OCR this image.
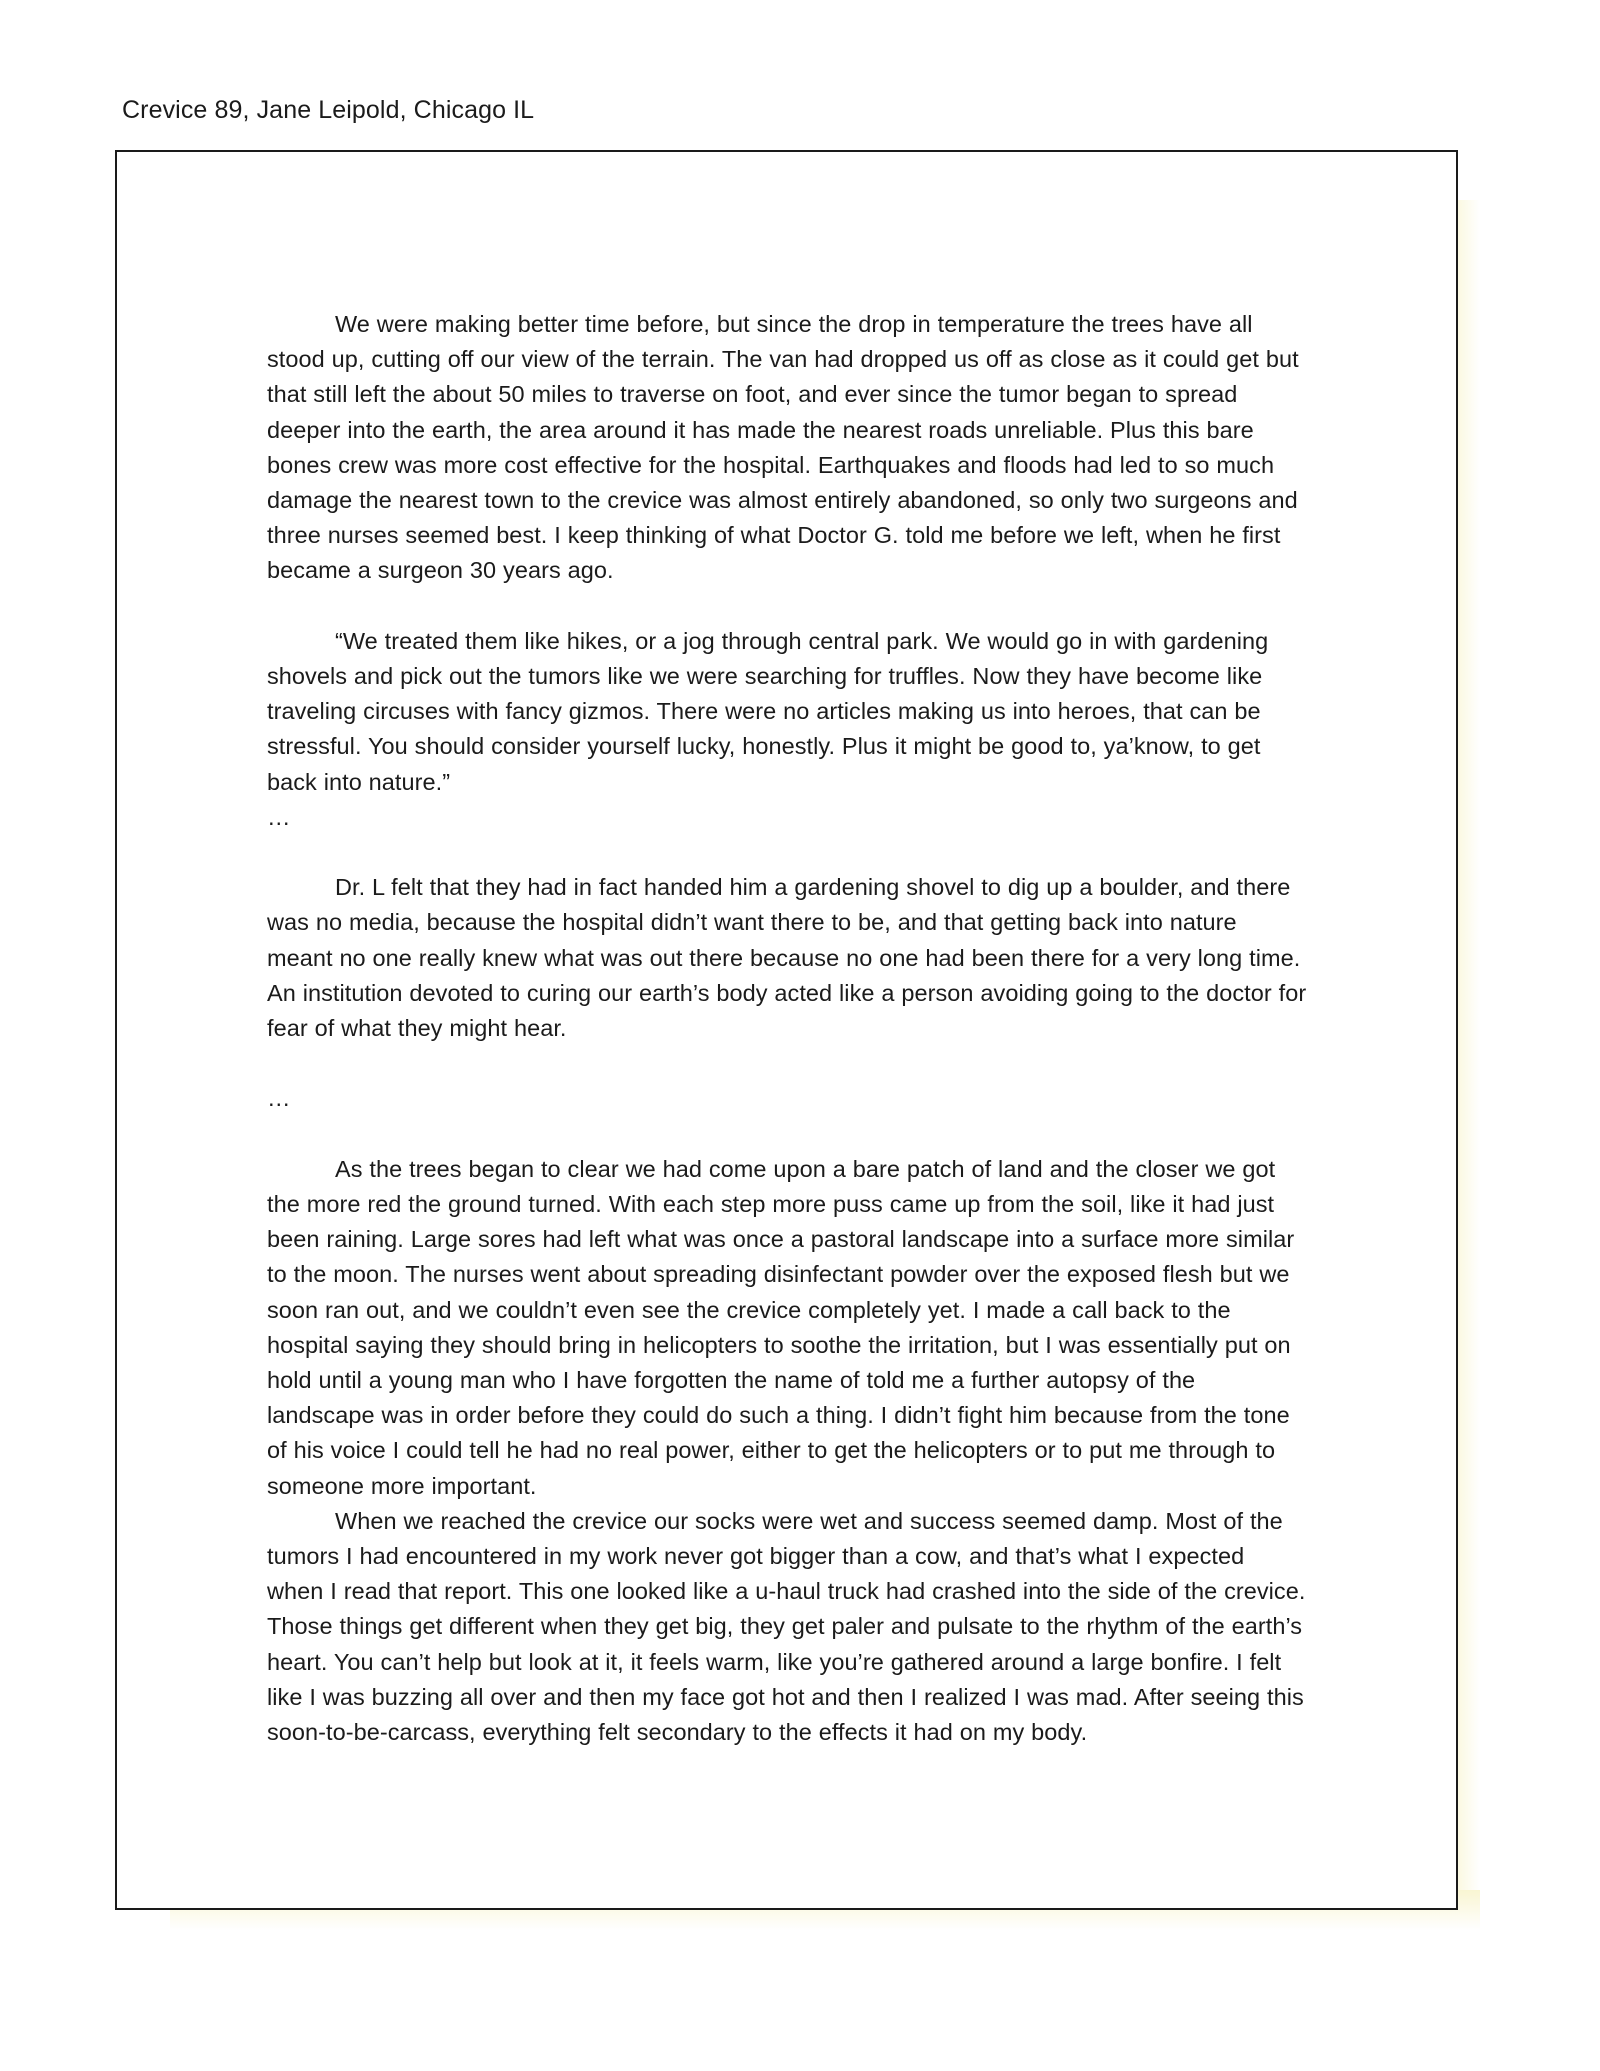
Crevice 89, Jane Leipold, Chicago IL

We were making better time before, but since the drop in temperature the trees have all stood up, cutting off our view of the terrain. The van had dropped us off as close as it could get but that still left the about 50 miles to traverse on foot, and ever since the tumor began to spread deeper into the earth, the area around it has made the nearest roads unreliable. Plus this bare bones crew was more cost effective for the hospital. Earthquakes and floods had led to so much damage the nearest town to the crevice was almost entirely abandoned, so only two surgeons and three nurses seemed best. I keep thinking of what Doctor G. told me before we left, when he first became a surgeon 30 years ago.

“We treated them like hikes, or a jog through central park. We would go in with gardening shovels and pick out the tumors like we were searching for truffles. Now they have become like traveling circuses with fancy gizmos. There were no articles making us into heroes, that can be stressful. You should consider yourself lucky, honestly. Plus it might be good to, ya’know, to get back into nature.”

…

Dr. L felt that they had in fact handed him a gardening shovel to dig up a boulder, and there was no media, because the hospital didn’t want there to be, and that getting back into nature meant no one really knew what was out there because no one had been there for a very long time. An institution devoted to curing our earth’s body acted like a person avoiding going to the doctor for fear of what they might hear.

…

As the trees began to clear we had come upon a bare patch of land and the closer we got the more red the ground turned. With each step more puss came up from the soil, like it had just been raining. Large sores had left what was once a pastoral landscape into a surface more similar to the moon. The nurses went about spreading disinfectant powder over the exposed flesh but we soon ran out, and we couldn’t even see the crevice completely yet. I made a call back to the hospital saying they should bring in helicopters to soothe the irritation, but I was essentially put on hold until a young man who I have forgotten the name of told me a further autopsy of the landscape was in order before they could do such a thing. I didn’t fight him because from the tone of his voice I could tell he had no real power, either to get the helicopters or to put me through to someone more important.

When we reached the crevice our socks were wet and success seemed damp. Most of the tumors I had encountered in my work never got bigger than a cow, and that’s what I expected when I read that report. This one looked like a u-haul truck had crashed into the side of the crevice. Those things get different when they get big, they get paler and pulsate to the rhythm of the earth’s heart. You can’t help but look at it, it feels warm, like you’re gathered around a large bonfire. I felt like I was buzzing all over and then my face got hot and then I realized I was mad. After seeing this soon-to-be-carcass, everything felt secondary to the effects it had on my body.
